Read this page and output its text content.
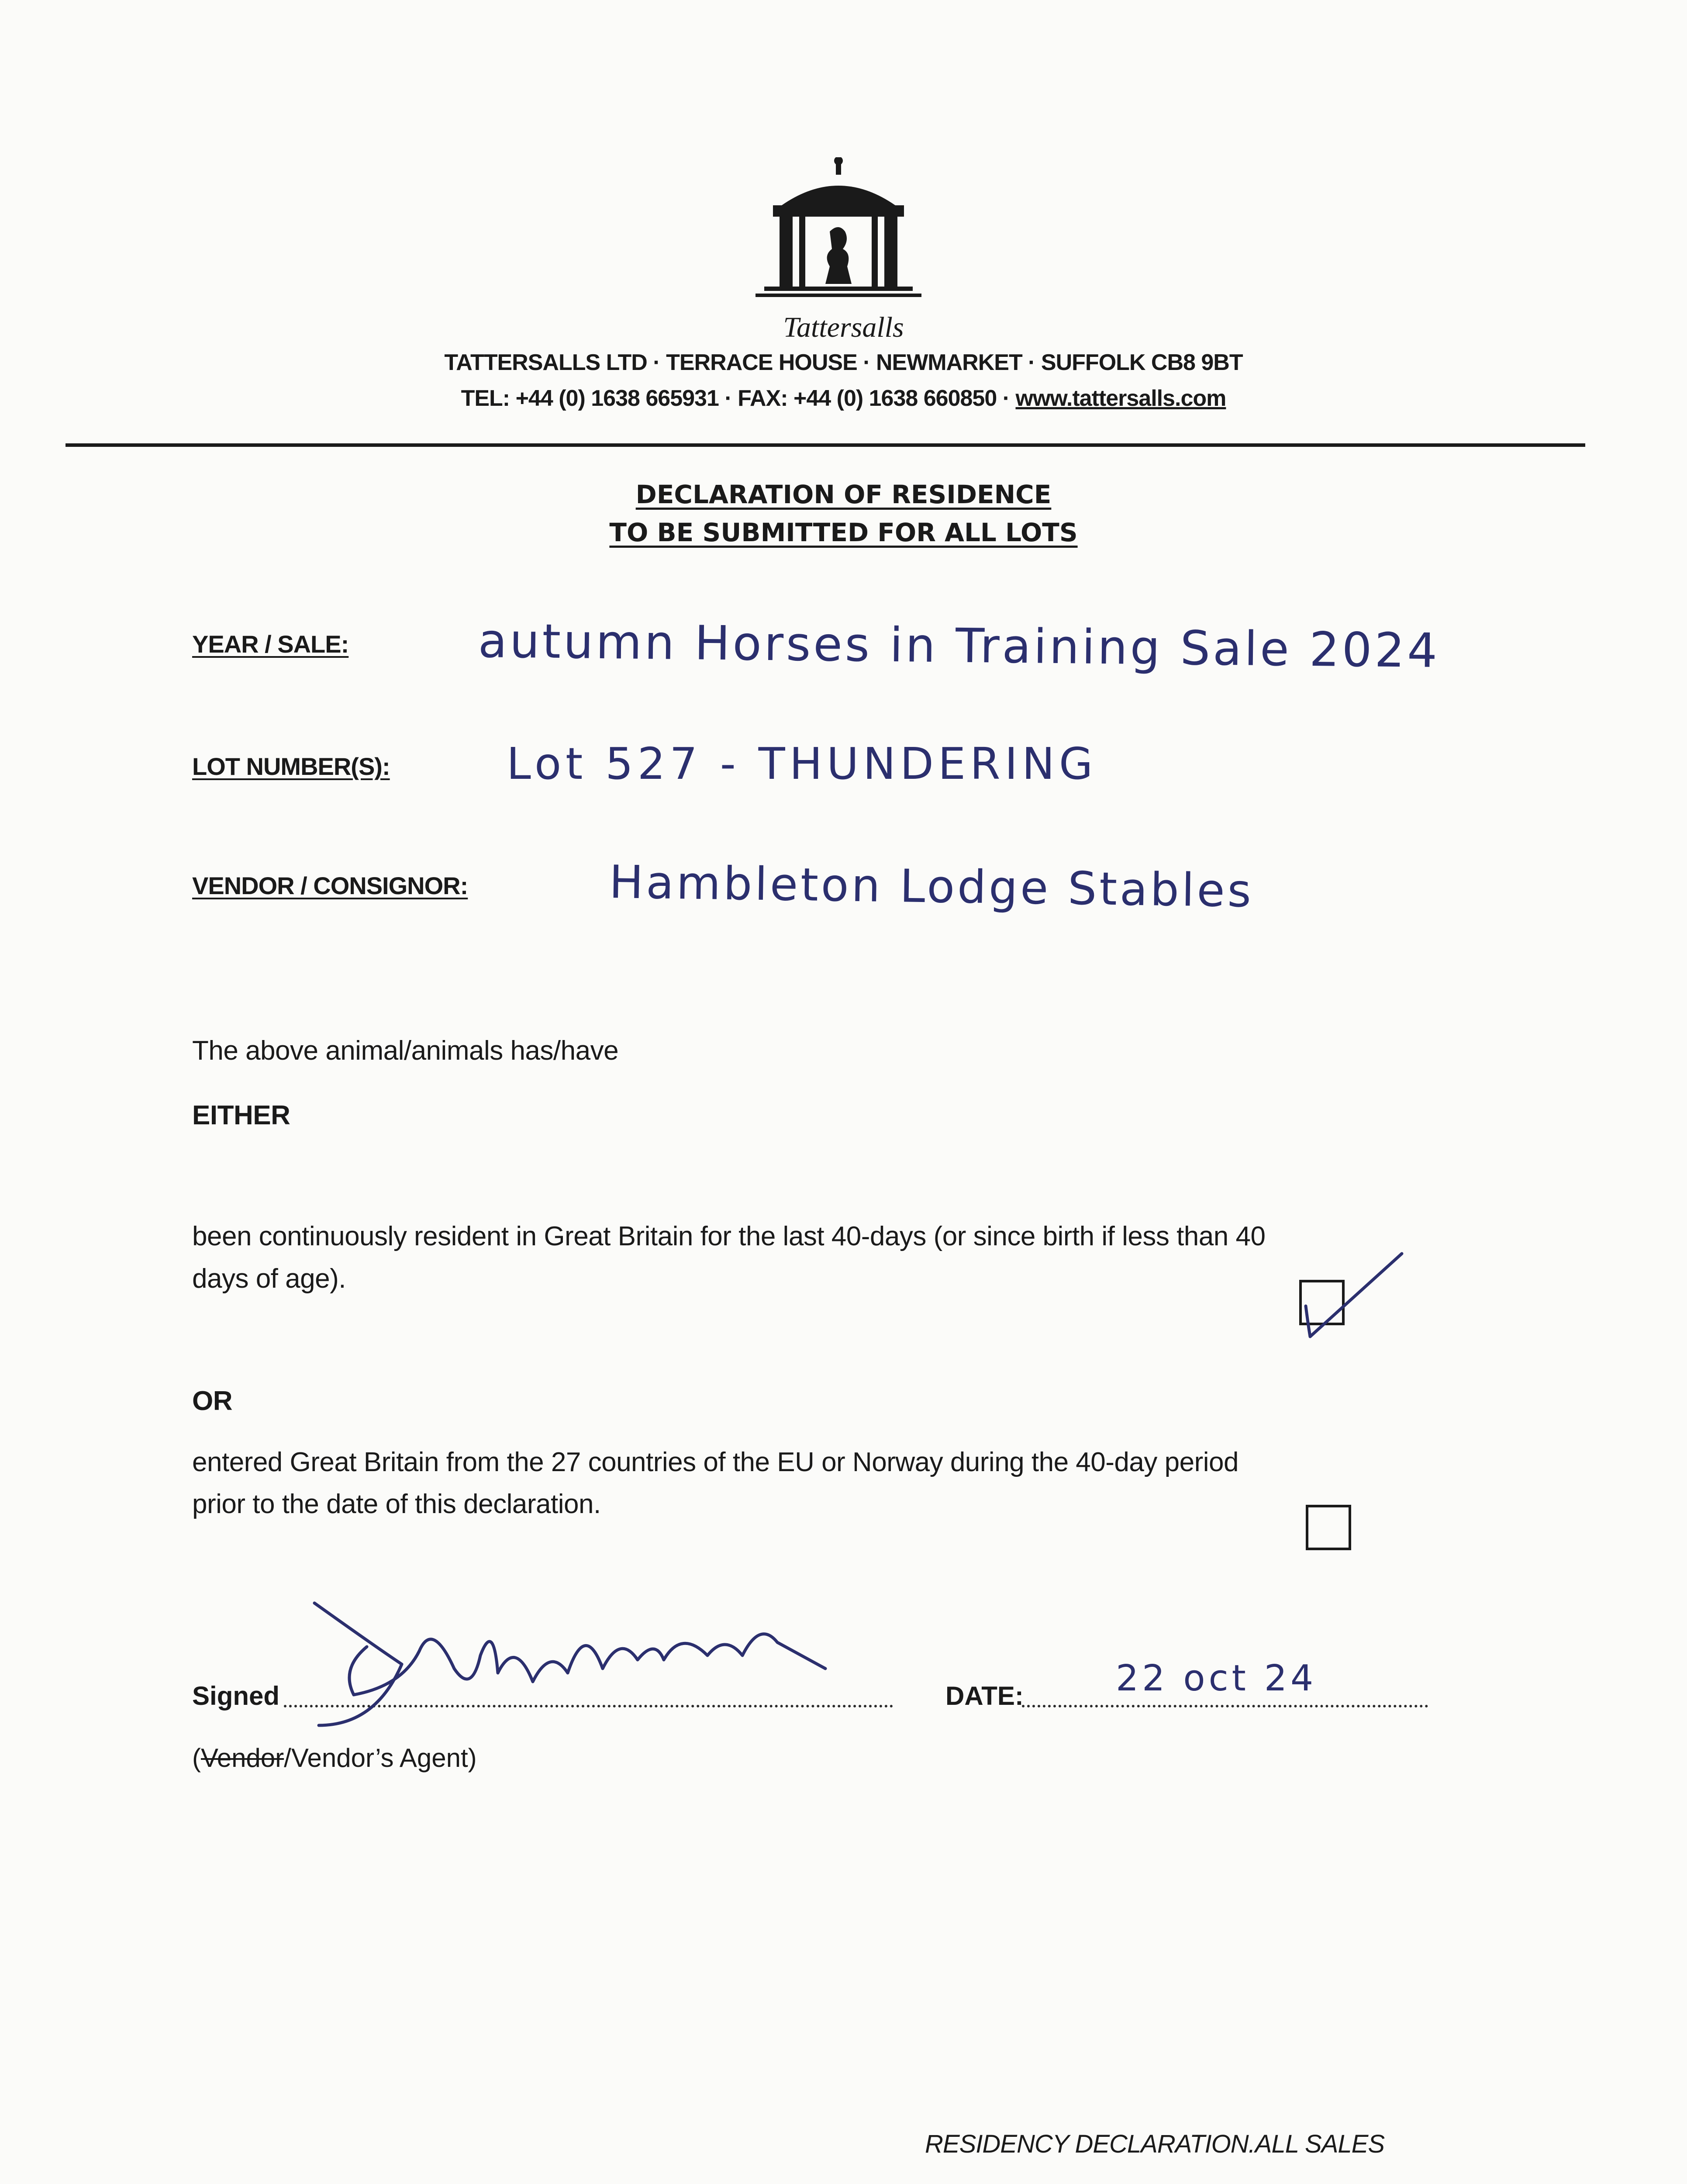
Tattersalls
TATTERSALLS LTD · TERRACE HOUSE · NEWMARKET · SUFFOLK CB8 9BT
TEL: +44 (0) 1638 665931 · FAX: +44 (0) 1638 660850 · www.tattersalls.com
DECLARATION OF RESIDENCE
TO BE SUBMITTED FOR ALL LOTS
YEAR / SALE:	autumn Horses in Training Sale 2024
LOT NUMBER(S):	Lot 527 - THUNDERING
VENDOR / CONSIGNOR:	Hambleton Lodge Stables
The above animal/animals has/have
EITHER
been continuously resident in Great Britain for the last 40-days (or since birth if less than 40
days of age).
OR
entered Great Britain from the 27 countries of the EU or Norway during the 40-day period
prior to the date of this declaration.
Signed
(Vendor/Vendor’s Agent)
DATE:	22 oct 24
RESIDENCY DECLARATION.ALL SALES
